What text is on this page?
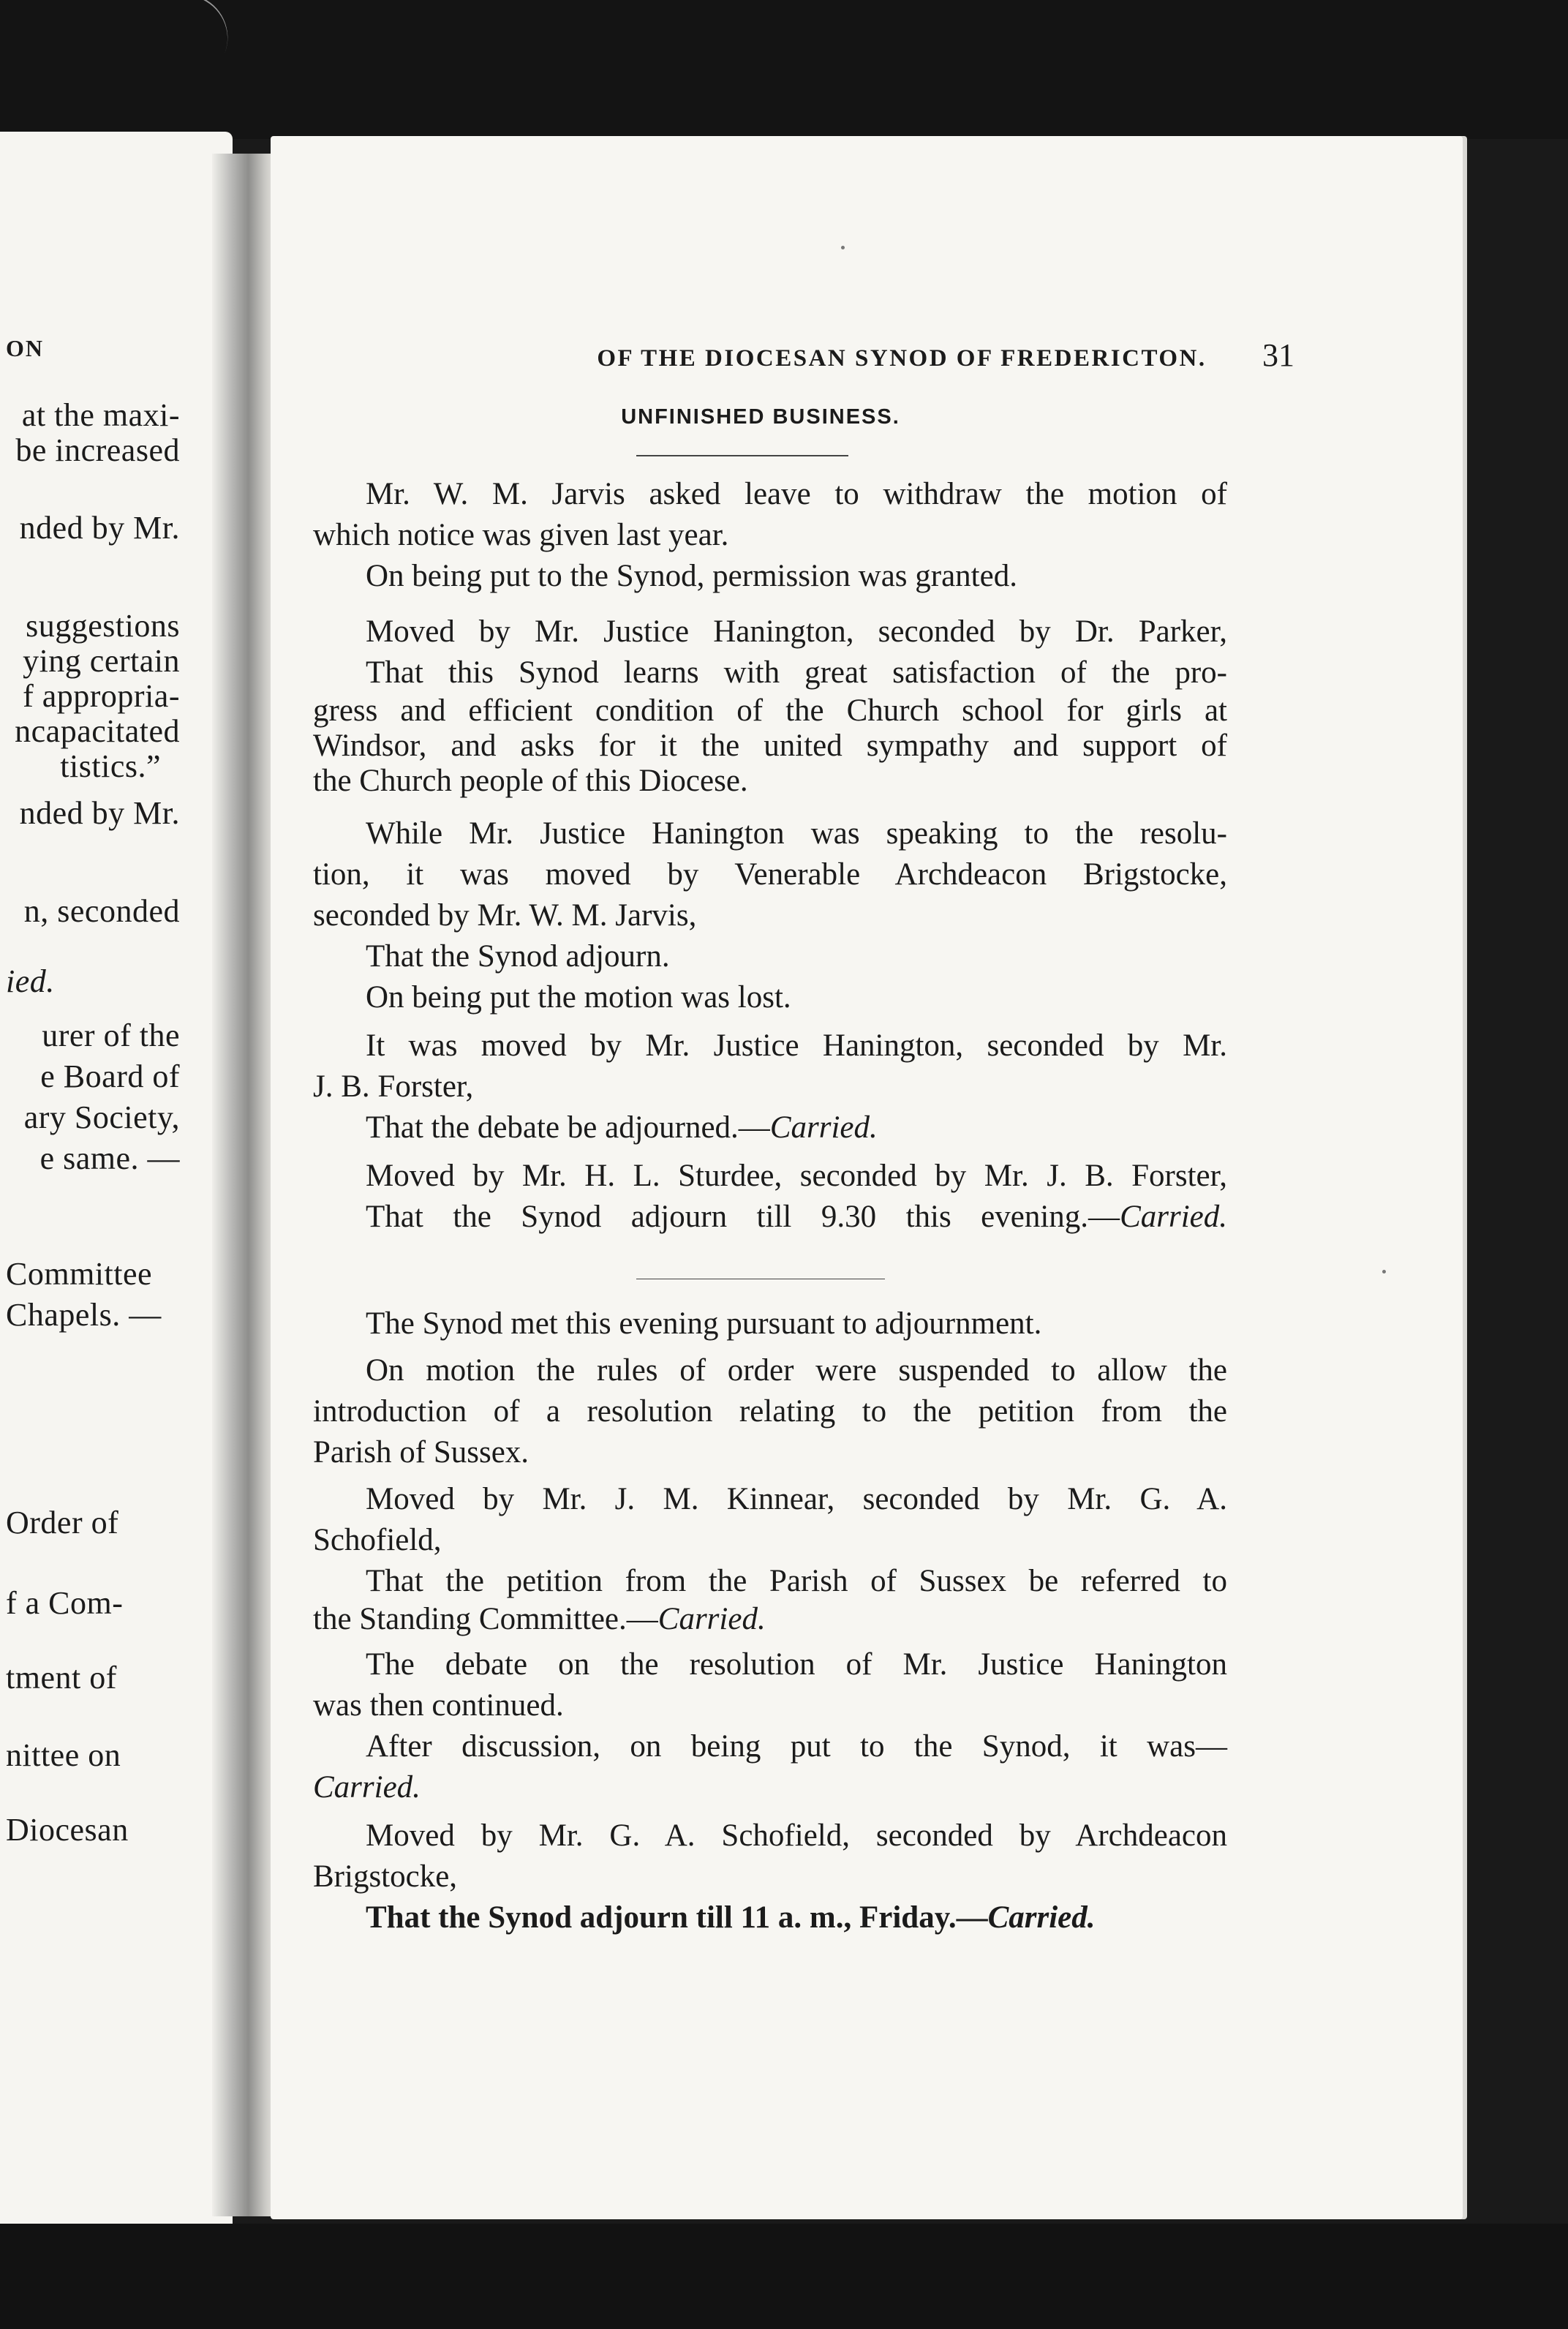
ON
at the maxi-
be increased
nded by Mr.
suggestions
ying certain
f appropria-
ncapacitated
tistics.”
nded by Mr.
n, seconded
ied.
urer of the
e Board of
ary Society,
e same. —
Committee
Chapels. —
Order of
f a Com-
tment of
nittee on
Diocesan
OF THE DIOCESAN SYNOD OF FREDERICTON.	31
UNFINISHED BUSINESS.
Mr. W. M. Jarvis asked leave to withdraw the motion of
which notice was given last year.
On being put to the Synod, permission was granted.
Moved by Mr. Justice Hanington, seconded by Dr. Parker,
That this Synod learns with great satisfaction of the pro-
gress and efficient condition of the Church school for girls at
Windsor, and asks for it the united sympathy and support of
the Church people of this Diocese.
While Mr. Justice Hanington was speaking to the resolu-
tion, it was moved by Venerable Archdeacon Brigstocke,
seconded by Mr. W. M. Jarvis,
That the Synod adjourn.
On being put the motion was lost.
It was moved by Mr. Justice Hanington, seconded by Mr.
J. B. Forster,
That the debate be adjourned.—Carried.
Moved by Mr. H. L. Sturdee, seconded by Mr. J. B. Forster,
That the Synod adjourn till 9.30 this evening.—Carried.
The Synod met this evening pursuant to adjournment.
On motion the rules of order were suspended to allow the
introduction of a resolution relating to the petition from the
Parish of Sussex.
Moved by Mr. J. M. Kinnear, seconded by Mr. G. A.
Schofield,
That the petition from the Parish of Sussex be referred to
the Standing Committee.—Carried.
The debate on the resolution of Mr. Justice Hanington
was then continued.
After discussion, on being put to the Synod, it was—
Carried.
Moved by Mr. G. A. Schofield, seconded by Archdeacon
Brigstocke,
That the Synod adjourn till 11 a. m., Friday.—Carried.
